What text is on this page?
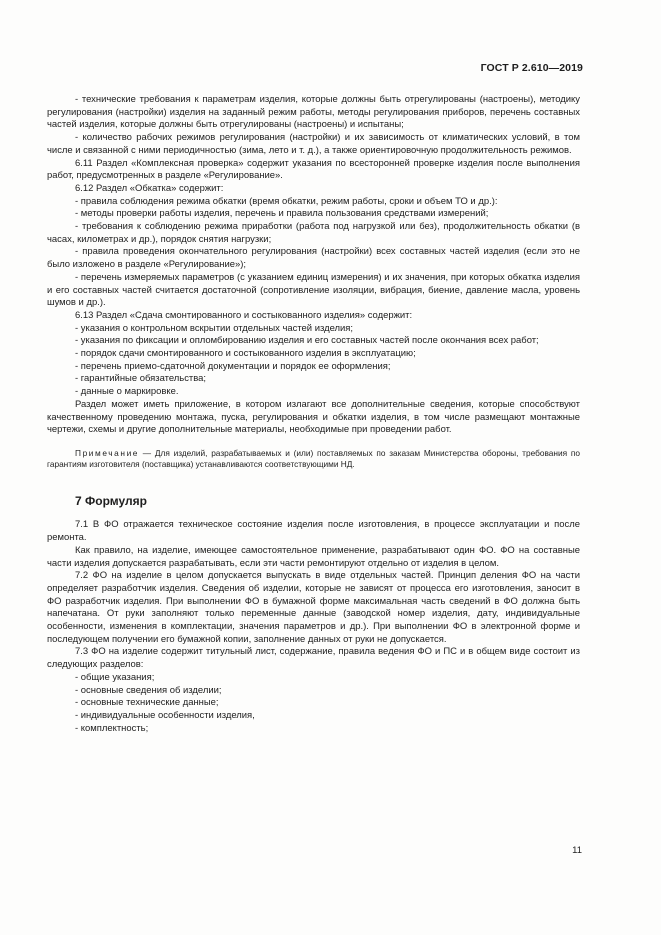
ГОСТ Р 2.610—2019

- технические требования к параметрам изделия, которые должны быть отрегулированы (настроены), методику регулирования (настройки) изделия на заданный режим работы, методы регулирования приборов, перечень составных частей изделия, которые должны быть отрегулированы (настроены) и испытаны;

- количество рабочих режимов регулирования (настройки) и их зависимость от климатических условий, в том числе и связанной с ними периодичностью (зима, лето и т. д.), а также ориентировочную продолжительность режимов.

6.11 Раздел «Комплексная проверка» содержит указания по всесторонней проверке изделия после выполнения работ, предусмотренных в разделе «Регулирование».

6.12 Раздел «Обкатка» содержит:

- правила соблюдения режима обкатки (время обкатки, режим работы, сроки и объем ТО и др.):

- методы проверки работы изделия, перечень и правила пользования средствами измерений;

- требования к соблюдению режима приработки (работа под нагрузкой или без), продолжительность обкатки (в часах, километрах и др.), порядок снятия нагрузки;

- правила проведения окончательного регулирования (настройки) всех составных частей изделия (если это не было изложено в разделе «Регулирование»);

- перечень измеряемых параметров (с указанием единиц измерения) и их значения, при которых обкатка изделия и его составных частей считается достаточной (сопротивление изоляции, вибрация, биение, давление масла, уровень шумов и др.).

6.13 Раздел «Сдача смонтированного и состыкованного изделия» содержит:

- указания о контрольном вскрытии отдельных частей изделия;

- указания по фиксации и опломбированию изделия и его составных частей после окончания всех работ;

- порядок сдачи смонтированного и состыкованного изделия в эксплуатацию;

- перечень приемо-сдаточной документации и порядок ее оформления;

- гарантийные обязательства;

- данные о маркировке.

Раздел может иметь приложение, в котором излагают все дополнительные сведения, которые способствуют качественному проведению монтажа, пуска, регулирования и обкатки изделия, в том числе размещают монтажные чертежи, схемы и другие дополнительные материалы, необходимые при проведении работ.

Примечание — Для изделий, разрабатываемых и (или) поставляемых по заказам Министерства обороны, требования по гарантиям изготовителя (поставщика) устанавливаются соответствующими НД.

7 Формуляр

7.1 В ФО отражается техническое состояние изделия после изготовления, в процессе эксплуатации и после ремонта.

Как правило, на изделие, имеющее самостоятельное применение, разрабатывают один ФО. ФО на составные части изделия допускается разрабатывать, если эти части ремонтируют отдельно от изделия в целом.

7.2 ФО на изделие в целом допускается выпускать в виде отдельных частей. Принцип деления ФО на части определяет разработчик изделия. Сведения об изделии, которые не зависят от процесса его изготовления, заносит в ФО разработчик изделия. При выполнении ФО в бумажной форме максимальная часть сведений в ФО должна быть напечатана. От руки заполняют только переменные данные (заводской номер изделия, дату, индивидуальные особенности, изменения в комплектации, значения параметров и др.). При выполнении ФО в электронной форме и последующем получении его бумажной копии, заполнение данных от руки не допускается.

7.3 ФО на изделие содержит титульный лист, содержание, правила ведения ФО и ПС и в общем виде состоит из следующих разделов:

- общие указания;

- основные сведения об изделии;

- основные технические данные;

- индивидуальные особенности изделия,

- комплектность;

11
